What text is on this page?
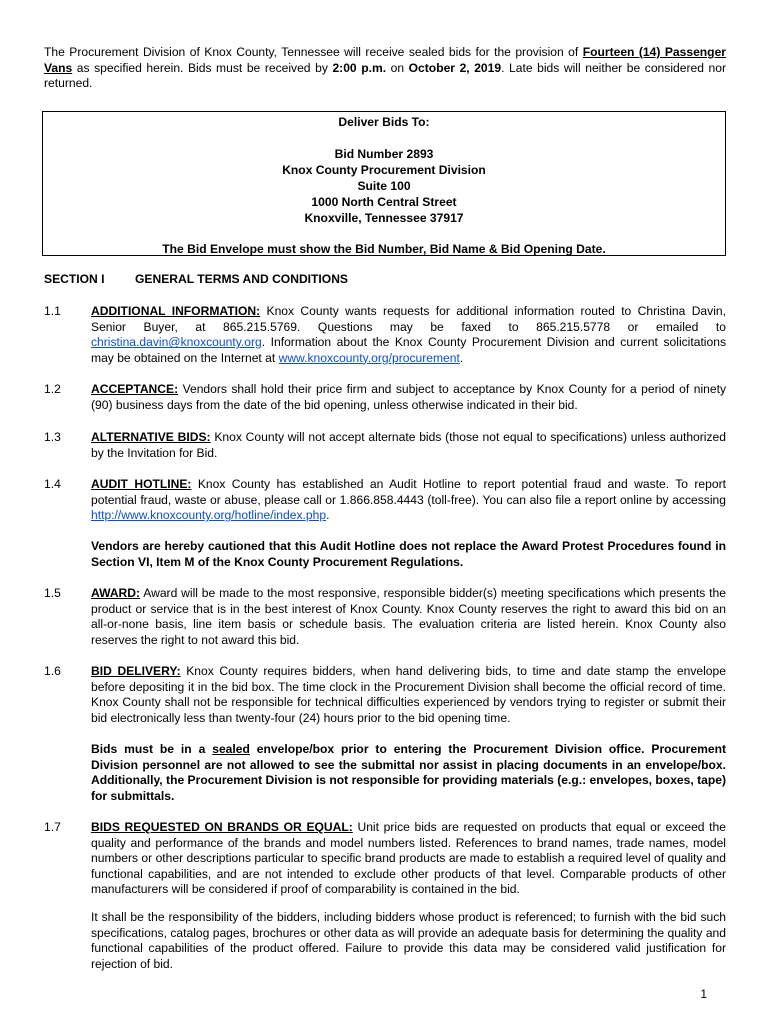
The Procurement Division of Knox County, Tennessee will receive sealed bids for the provision of Fourteen (14) Passenger Vans as specified herein. Bids must be received by 2:00 p.m. on October 2, 2019. Late bids will neither be considered nor returned.
Deliver Bids To:
Bid Number 2893
Knox County Procurement Division
Suite 100
1000 North Central Street
Knoxville, Tennessee 37917
The Bid Envelope must show the Bid Number, Bid Name & Bid Opening Date.
SECTION I	GENERAL TERMS AND CONDITIONS
1.1	ADDITIONAL INFORMATION: Knox County wants requests for additional information routed to Christina Davin, Senior Buyer, at 865.215.5769. Questions may be faxed to 865.215.5778 or emailed to christina.davin@knoxcounty.org. Information about the Knox County Procurement Division and current solicitations may be obtained on the Internet at www.knoxcounty.org/procurement.
1.2	ACCEPTANCE: Vendors shall hold their price firm and subject to acceptance by Knox County for a period of ninety (90) business days from the date of the bid opening, unless otherwise indicated in their bid.
1.3	ALTERNATIVE BIDS: Knox County will not accept alternate bids (those not equal to specifications) unless authorized by the Invitation for Bid.
1.4	AUDIT HOTLINE: Knox County has established an Audit Hotline to report potential fraud and waste. To report potential fraud, waste or abuse, please call or 1.866.858.4443 (toll-free). You can also file a report online by accessing http://www.knoxcounty.org/hotline/index.php.
Vendors are hereby cautioned that this Audit Hotline does not replace the Award Protest Procedures found in Section VI, Item M of the Knox County Procurement Regulations.
1.5	AWARD: Award will be made to the most responsive, responsible bidder(s) meeting specifications which presents the product or service that is in the best interest of Knox County. Knox County reserves the right to award this bid on an all-or-none basis, line item basis or schedule basis. The evaluation criteria are listed herein. Knox County also reserves the right to not award this bid.
1.6	BID DELIVERY: Knox County requires bidders, when hand delivering bids, to time and date stamp the envelope before depositing it in the bid box. The time clock in the Procurement Division shall become the official record of time. Knox County shall not be responsible for technical difficulties experienced by vendors trying to register or submit their bid electronically less than twenty-four (24) hours prior to the bid opening time.
Bids must be in a sealed envelope/box prior to entering the Procurement Division office. Procurement Division personnel are not allowed to see the submittal nor assist in placing documents in an envelope/box. Additionally, the Procurement Division is not responsible for providing materials (e.g.: envelopes, boxes, tape) for submittals.
1.7	BIDS REQUESTED ON BRANDS OR EQUAL: Unit price bids are requested on products that equal or exceed the quality and performance of the brands and model numbers listed. References to brand names, trade names, model numbers or other descriptions particular to specific brand products are made to establish a required level of quality and functional capabilities, and are not intended to exclude other products of that level. Comparable products of other manufacturers will be considered if proof of comparability is contained in the bid.
It shall be the responsibility of the bidders, including bidders whose product is referenced; to furnish with the bid such specifications, catalog pages, brochures or other data as will provide an adequate basis for determining the quality and functional capabilities of the product offered. Failure to provide this data may be considered valid justification for rejection of bid.
1
